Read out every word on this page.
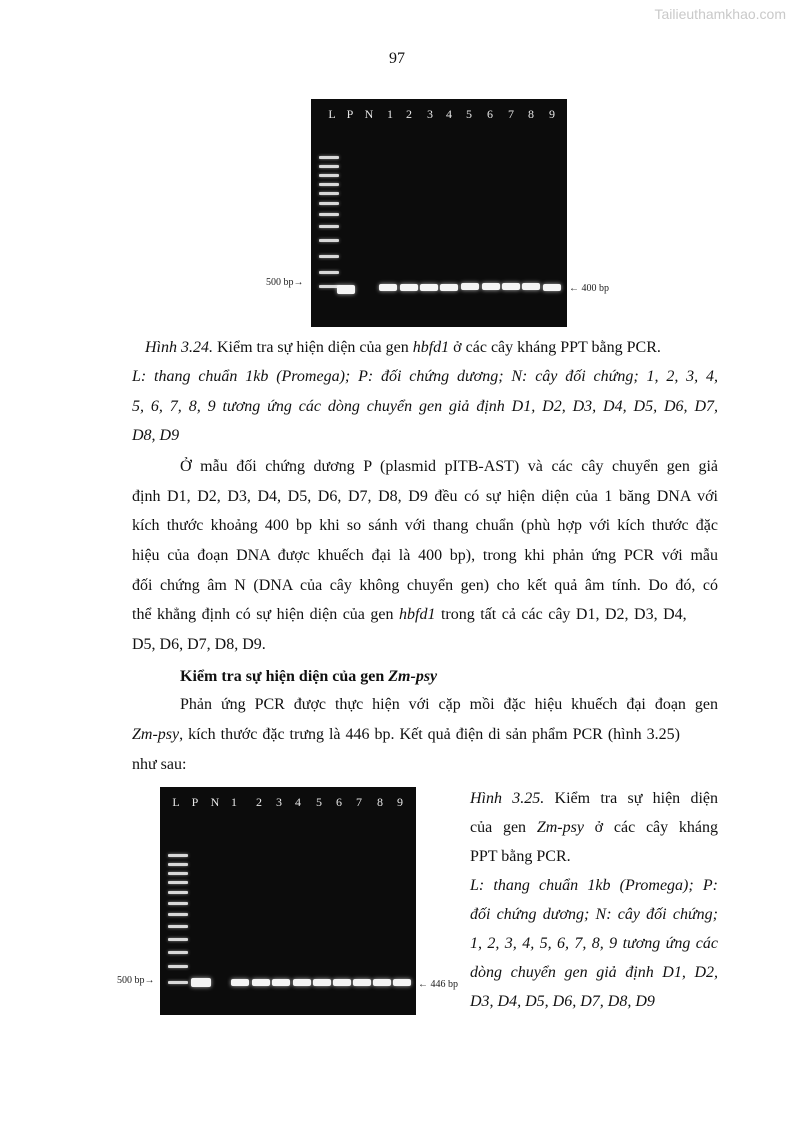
Tailieuthamkhao.com
97
L P N	1	2	3	4	5	6	7	8	9
500 bp→
← 400 bp
Hình 3.24. Kiểm tra sự hiện diện của gen hbfd1 ở các cây kháng PPT bằng PCR.
L: thang chuẩn 1kb (Promega); P: đối chứng dương; N: cây đối chứng; 1, 2, 3, 4,
5, 6, 7, 8, 9 tương ứng các dòng chuyển gen giả định D1, D2, D3, D4, D5, D6, D7,
D8, D9
Ở mẫu đối chứng dương P (plasmid pITB-AST) và các cây chuyển gen giả
định D1, D2, D3, D4, D5, D6, D7, D8, D9 đều có sự hiện diện của 1 băng DNA với
kích thước khoảng 400 bp khi so sánh với thang chuẩn (phù hợp với kích thước đặc
hiệu của đoạn DNA được khuếch đại là 400 bp), trong khi phản ứng PCR với mẫu
đối chứng âm N (DNA của cây không chuyển gen) cho kết quả âm tính. Do đó, có
thể khẳng định có sự hiện diện của gen hbfd1 trong tất cả các cây D1, D2, D3, D4,
D5, D6, D7, D8, D9.
Kiểm tra sự hiện diện của gen Zm-psy
Phản ứng PCR được thực hiện với cặp mồi đặc hiệu khuếch đại đoạn gen
Zm-psy, kích thước đặc trưng là 446 bp. Kết quả điện di sản phẩm PCR (hình 3.25)
như sau:
L P	N 1	2	3	4	5	6	7	8	9
500 bp→	← 446 bp
Hình 3.25. Kiểm tra sự hiện diện
của gen Zm-psy ở các cây kháng
PPT bằng PCR.
L: thang chuẩn 1kb (Promega); P:
đối chứng dương; N: cây đối chứng;
1, 2, 3, 4, 5, 6, 7, 8, 9 tương ứng các
dòng chuyển gen giả định D1, D2,
D3, D4, D5, D6, D7, D8, D9
